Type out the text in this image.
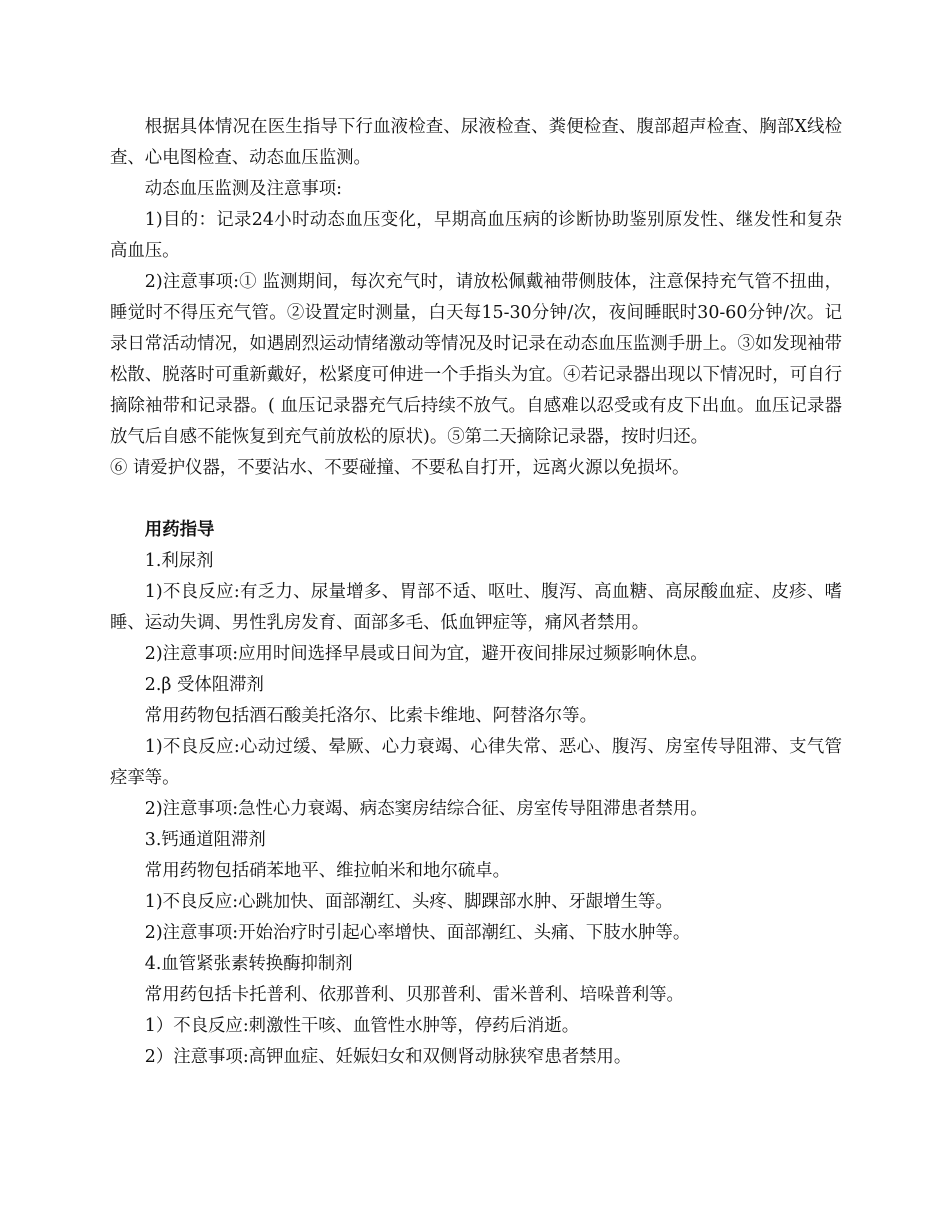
根据具体情况在医生指导下行血液检查、尿液检查、粪便检查、腹部超声检查、胸部X线检查、心电图检查、动态血压监测。

动态血压监测及注意事项:

1)目的：记录24小时动态血压变化，早期高血压病的诊断协助鉴别原发性、继发性和复杂高血压。

2)注意事项:① 监测期间，每次充气时，请放松佩戴袖带侧肢体，注意保持充气管不扭曲，睡觉时不得压充气管。②设置定时测量，白天每15-30分钟/次，夜间睡眠时30-60分钟/次。记录日常活动情况，如遇剧烈运动情绪激动等情况及时记录在动态血压监测手册上。③如发现袖带松散、脱落时可重新戴好，松紧度可伸进一个手指头为宜。④若记录器出现以下情况时，可自行摘除袖带和记录器。( 血压记录器充气后持续不放气。自感难以忍受或有皮下出血。血压记录器放气后自感不能恢复到充气前放松的原状)。⑤第二天摘除记录器，按时归还。

⑥ 请爱护仪器，不要沾水、不要碰撞、不要私自打开，远离火源以免损坏。

用药指导

1.利尿剂

1)不良反应:有乏力、尿量增多、胃部不适、呕吐、腹泻、高血糖、高尿酸血症、皮疹、嗜睡、运动失调、男性乳房发育、面部多毛、低血钾症等，痛风者禁用。

2)注意事项:应用时间选择早晨或日间为宜，避开夜间排尿过频影响休息。

2.β 受体阻滞剂

常用药物包括酒石酸美托洛尔、比索卡维地、阿替洛尔等。

1)不良反应:心动过缓、晕厥、心力衰竭、心律失常、恶心、腹泻、房室传导阻滞、支气管痉挛等。

2)注意事项:急性心力衰竭、病态窦房结综合征、房室传导阻滞患者禁用。

3.钙通道阻滞剂

常用药物包括硝苯地平、维拉帕米和地尔硫卓。

1)不良反应:心跳加快、面部潮红、头疼、脚踝部水肿、牙龈增生等。

2)注意事项:开始治疗时引起心率增快、面部潮红、头痛、下肢水肿等。

4.血管紧张素转换酶抑制剂

常用药包括卡托普利、依那普利、贝那普利、雷米普利、培哚普利等。

1）不良反应:刺激性干咳、血管性水肿等，停药后消逝。

2）注意事项:高钾血症、妊娠妇女和双侧肾动脉狭窄患者禁用。
